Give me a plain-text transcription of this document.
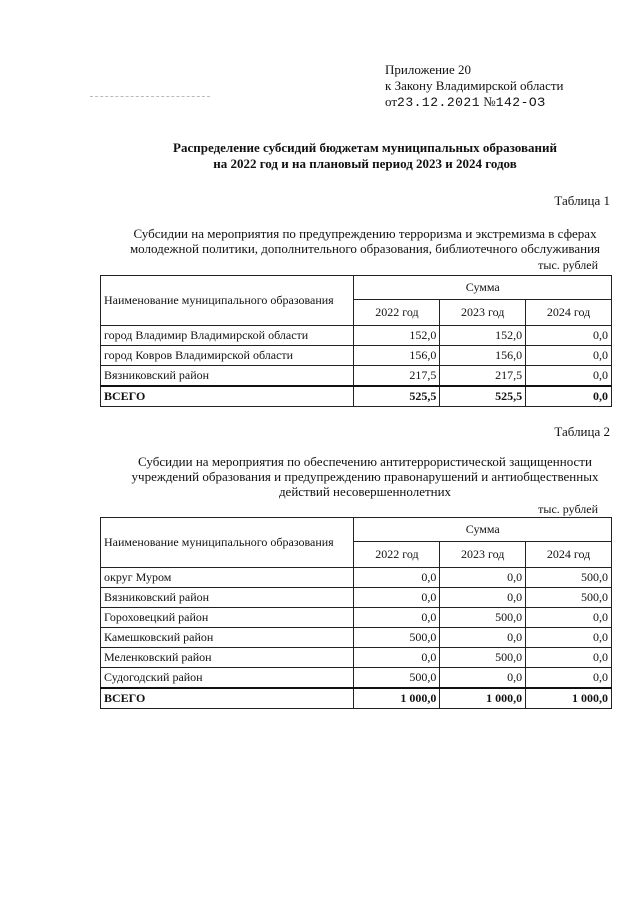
Приложение 20
к Закону Владимирской области
от23.12.2021 №142-ОЗ
Распределение субсидий бюджетам муниципальных образований
на 2022 год и на плановый период 2023 и 2024 годов
Таблица 1
Субсидии на мероприятия по предупреждению терроризма и экстремизма в сферах
молодежной политики, дополнительного образования, библиотечного обслуживания
тыс. рублей
Наименование муниципального образования	Сумма		
	2022 год	2023 год	2024 год
город Владимир Владимирской области	152,0	152,0	0,0
город Ковров Владимирской области	156,0	156,0	0,0
Вязниковский район	217,5	217,5	0,0
ВСЕГО	525,5	525,5	0,0
Таблица 2
Субсидии на мероприятия по обеспечению антитеррористической защищенности
учреждений образования и предупреждению правонарушений и антиобщественных
действий несовершеннолетних
тыс. рублей
Наименование муниципального образования	Сумма		
	2022 год	2023 год	2024 год
округ Муром	0,0	0,0	500,0
Вязниковский район	0,0	0,0	500,0
Гороховецкий район	0,0	500,0	0,0
Камешковский район	500,0	0,0	0,0
Меленковский район	0,0	500,0	0,0
Судогодский район	500,0	0,0	0,0
ВСЕГО	1 000,0	1 000,0	1 000,0
